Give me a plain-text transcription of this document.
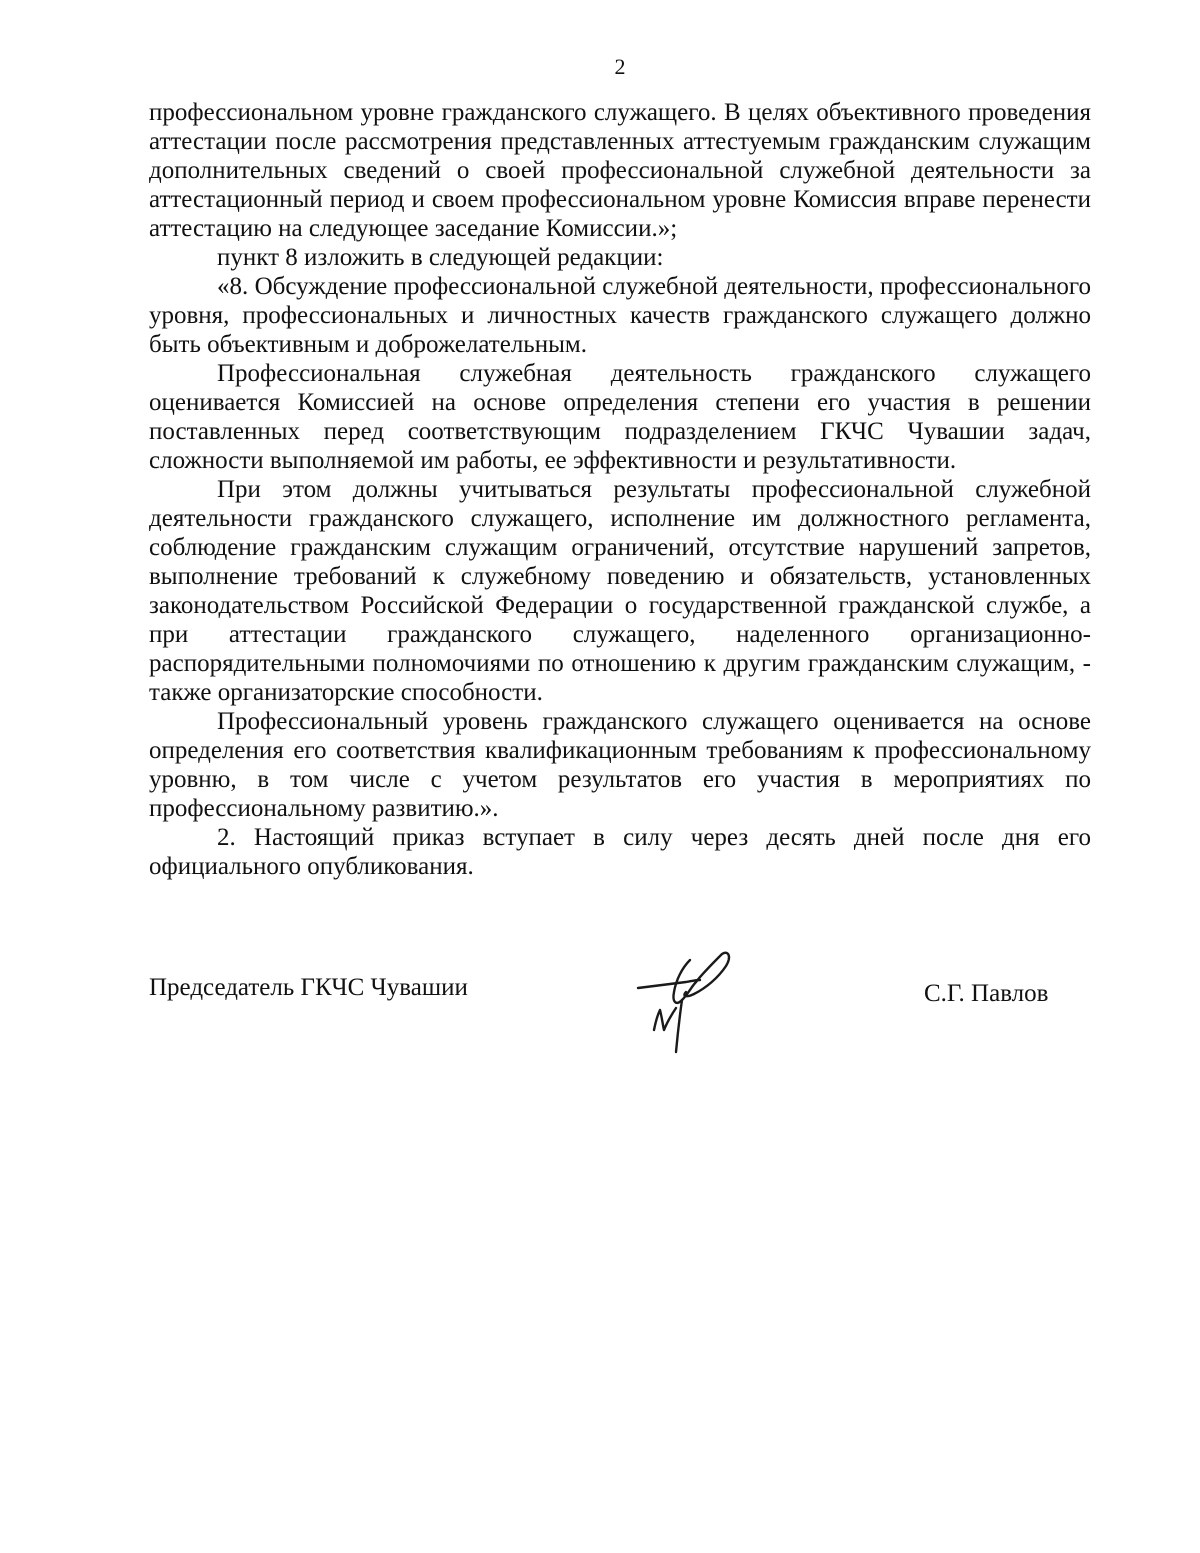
2

профессиональном уровне гражданского служащего. В целях объективного проведения аттестации после рассмотрения представленных аттестуемым гражданским служащим дополнительных сведений о своей профессиональной служебной деятельности за аттестационный период и своем профессиональном уровне Комиссия вправе перенести аттестацию на следующее заседание Комиссии.»;

пункт 8 изложить в следующей редакции:

«8. Обсуждение профессиональной служебной деятельности, профессионального уровня, профессиональных и личностных качеств гражданского служащего должно быть объективным и доброжелательным.

Профессиональная служебная деятельность гражданского служащего оценивается Комиссией на основе определения степени его участия в решении поставленных перед соответствующим подразделением ГКЧС Чувашии задач, сложности выполняемой им работы, ее эффективности и результативности.

При этом должны учитываться результаты профессиональной служебной деятельности гражданского служащего, исполнение им должностного регламента, соблюдение гражданским служащим ограничений, отсутствие нарушений запретов, выполнение требований к служебному поведению и обязательств, установленных законодательством Российской Федерации о государственной гражданской службе, а при аттестации гражданского служащего, наделенного организационно-распорядительными полномочиями по отношению к другим гражданским служащим, - также организаторские способности.

Профессиональный уровень гражданского служащего оценивается на основе определения его соответствия квалификационным требованиям к профессиональному уровню, в том числе с учетом результатов его участия в мероприятиях по профессиональному развитию.».

2. Настоящий приказ вступает в силу через десять дней после дня его официального опубликования.

Председатель ГКЧС Чувашии	С.Г. Павлов
